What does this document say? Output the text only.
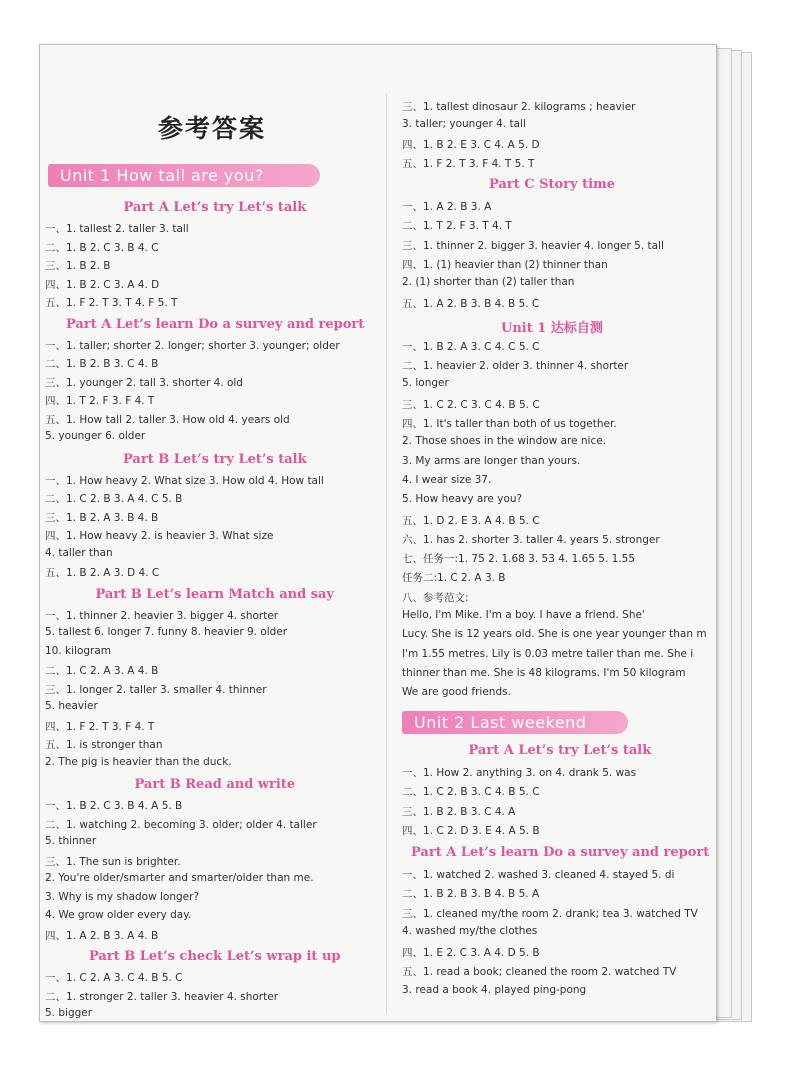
参考答案
Unit 1 How tall are you?
Unit 2 Last weekend
Part A Let’s try Let’s talk
一、1. tallest 2. taller 3. tall
二、1. B 2. C 3. B 4. C
三、1. B 2. B
四、1. B 2. C 3. A 4. D
五、1. F 2. T 3. T 4. F 5. T
Part A Let’s learn Do a survey and report
一、1. taller; shorter 2. longer; shorter 3. younger; older
二、1. B 2. B 3. C 4. B
三、1. younger 2. tall 3. shorter 4. old
四、1. T 2. F 3. F 4. T
五、1. How tall 2. taller 3. How old 4. years old
5. younger 6. older
Part B Let’s try Let’s talk
一、1. How heavy 2. What size 3. How old 4. How tall
二、1. C 2. B 3. A 4. C 5. B
三、1. B 2. A 3. B 4. B
四、1. How heavy 2. is heavier 3. What size
4. taller than
五、1. B 2. A 3. D 4. C
Part B Let’s learn Match and say
一、1. thinner 2. heavier 3. bigger 4. shorter
5. tallest 6. longer 7. funny 8. heavier 9. older
10. kilogram
二、1. C 2. A 3. A 4. B
三、1. longer 2. taller 3. smaller 4. thinner
5. heavier
四、1. F 2. T 3. F 4. T
五、1. is stronger than
2. The pig is heavier than the duck.
Part B Read and write
一、1. B 2. C 3. B 4. A 5. B
二、1. watching 2. becoming 3. older; older 4. taller
5. thinner
三、1. The sun is brighter.
2. You're older/smarter and smarter/older than me.
3. Why is my shadow longer?
4. We grow older every day.
四、1. A 2. B 3. A 4. B
Part B Let’s check Let’s wrap it up
一、1. C 2. A 3. C 4. B 5. C
二、1. stronger 2. taller 3. heavier 4. shorter
5. bigger
三、1. tallest dinosaur 2. kilograms ; heavier
3. taller; younger 4. tall
四、1. B 2. E 3. C 4. A 5. D
五、1. F 2. T 3. F 4. T 5. T
Part C Story time
一、1. A 2. B 3. A
二、1. T 2. F 3. T 4. T
三、1. thinner 2. bigger 3. heavier 4. longer 5. tall
四、1. (1) heavier than (2) thinner than
2. (1) shorter than (2) taller than
五、1. A 2. B 3. B 4. B 5. C
Unit 1 达标自测
一、1. B 2. A 3. C 4. C 5. C
二、1. heavier 2. older 3. thinner 4. shorter
5. longer
三、1. C 2. C 3. C 4. B 5. C
四、1. It's taller than both of us together.
2. Those shoes in the window are nice.
3. My arms are longer than yours.
4. I wear size 37.
5. How heavy are you?
五、1. D 2. E 3. A 4. B 5. C
六、1. has 2. shorter 3. taller 4. years 5. stronger
七、任务一:1. 75 2. 1.68 3. 53 4. 1.65 5. 1.55
任务二:1. C 2. A 3. B
八、参考范文:
Hello, I'm Mike. I'm a boy. I have a friend. She'
Lucy. She is 12 years old. She is one year younger than m
I'm 1.55 metres. Lily is 0.03 metre taller than me. She i
thinner than me. She is 48 kilograms. I'm 50 kilogram
We are good friends.
Part A Let’s try Let’s talk
一、1. How 2. anything 3. on 4. drank 5. was
二、1. C 2. B 3. C 4. B 5. C
三、1. B 2. B 3. C 4. A
四、1. C 2. D 3. E 4. A 5. B
Part A Let’s learn Do a survey and report
一、1. watched 2. washed 3. cleaned 4. stayed 5. di
二、1. B 2. B 3. B 4. B 5. A
三、1. cleaned my/the room 2. drank; tea 3. watched TV
4. washed my/the clothes
四、1. E 2. C 3. A 4. D 5. B
五、1. read a book; cleaned the room 2. watched TV
3. read a book 4. played ping-pong
